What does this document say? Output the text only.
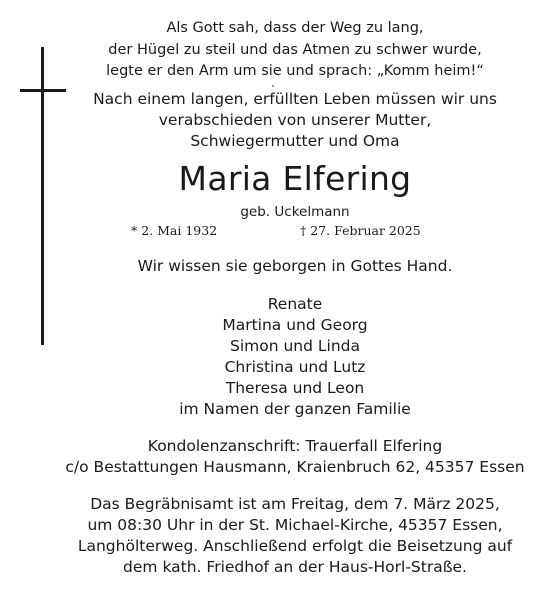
Als Gott sah, dass der Weg zu lang,
der Hügel zu steil und das Atmen zu schwer wurde,
legte er den Arm um sie und sprach: „Komm heim!“
Nach einem langen, erfüllten Leben müssen wir uns
verabschieden von unserer Mutter,
Schwiegermutter und Oma
Maria Elfering
geb. Uckelmann
* 2. Mai 1932	† 27. Februar 2025
Wir wissen sie geborgen in Gottes Hand.
Renate
Martina und Georg
Simon und Linda
Christina und Lutz
Theresa und Leon
im Namen der ganzen Familie
Kondolenzanschrift: Trauerfall Elfering
c/o Bestattungen Hausmann, Kraienbruch 62, 45357 Essen
Das Begräbnisamt ist am Freitag, dem 7. März 2025,
um 08:30 Uhr in der St. Michael-Kirche, 45357 Essen,
Langhölterweg. Anschließend erfolgt die Beisetzung auf
dem kath. Friedhof an der Haus-Horl-Straße.
